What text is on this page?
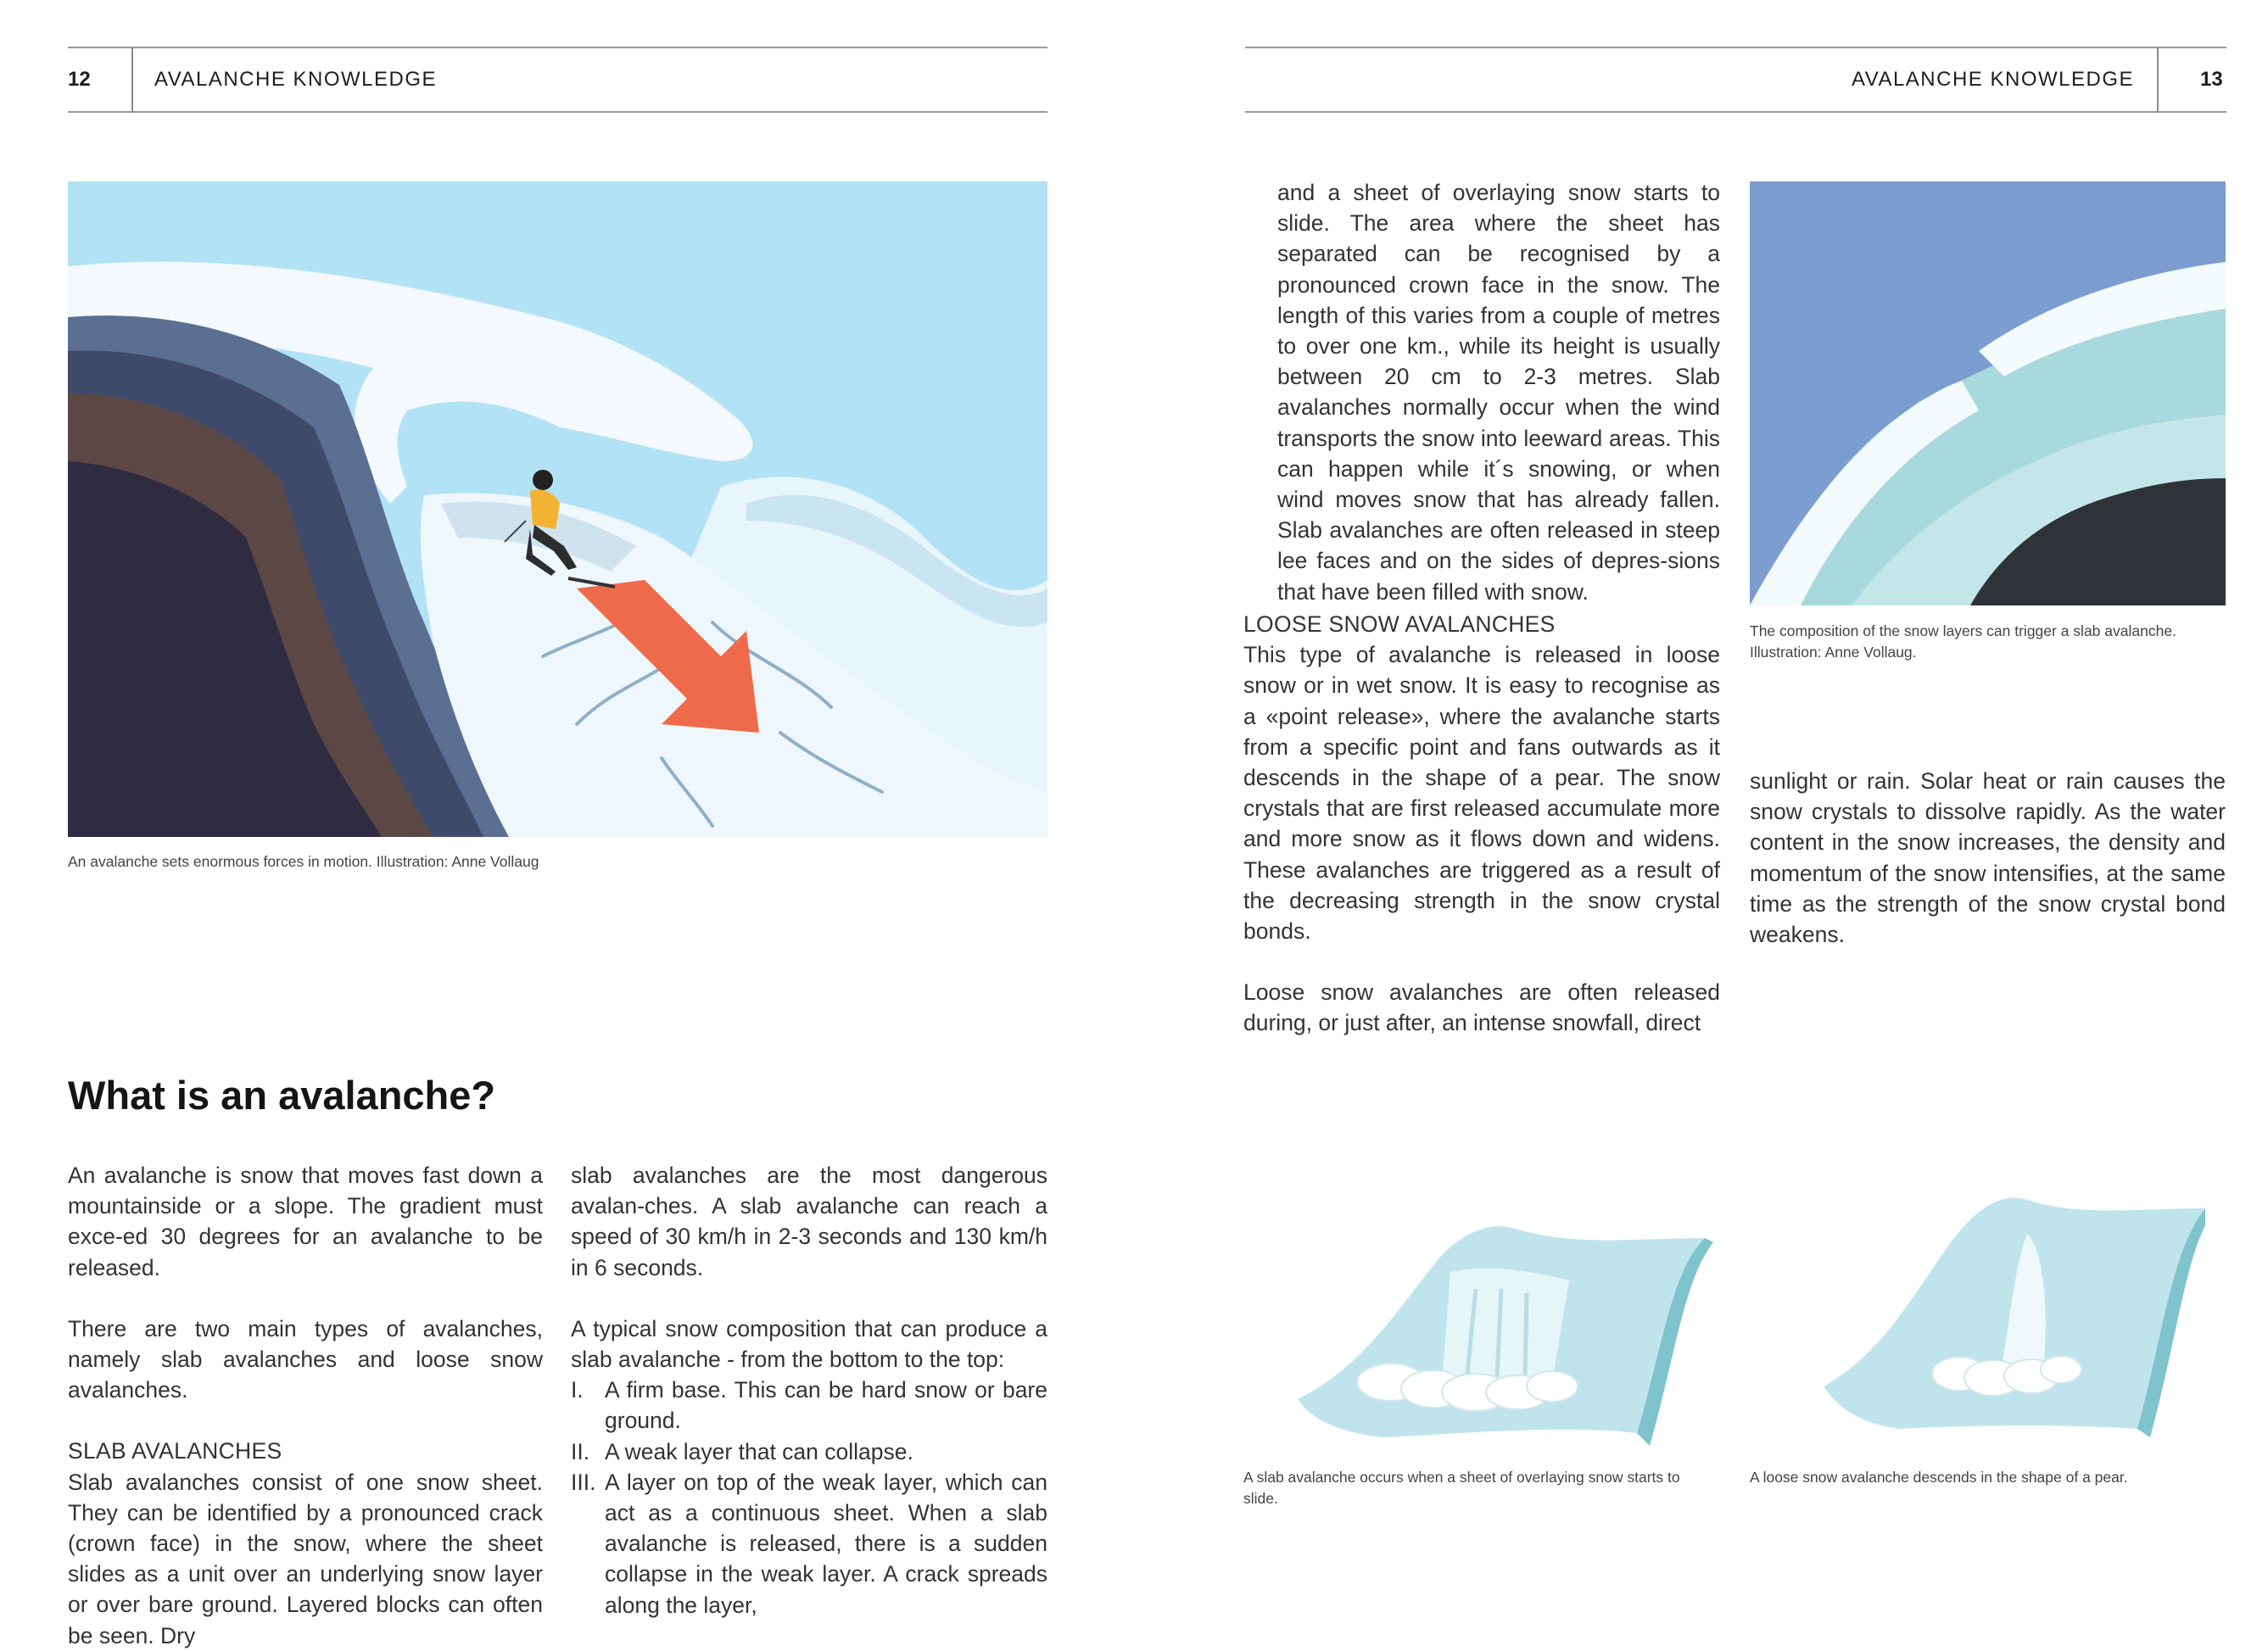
12	AVALANCHE KNOWLEDGE
An avalanche sets enormous forces in motion. Illustration: Anne Vollaug
What is an avalanche?

An avalanche is snow that moves fast down a mountainside or a slope. The gradient must exce-ed 30 degrees for an avalanche to be released.

There are two main types of avalanches, namely slab avalanches and loose snow avalanches.

SLAB AVALANCHES

Slab avalanches consist of one snow sheet. They can be identified by a pronounced crack (crown face) in the snow, where the sheet slides as a unit over an underlying snow layer or over bare ground. Layered blocks can often be seen. Dry

slab avalanches are the most dangerous avalan-ches. A slab avalanche can reach a speed of 30 km/h in 2-3 seconds and 130 km/h in 6 seconds.

A typical snow composition that can produce a slab avalanche - from the bottom to the top:

I. A firm base. This can be hard snow or bare ground.
II. A weak layer that can collapse.
III. A layer on top of the weak layer, which can act as a continuous sheet. When a slab avalanche is released, there is a sudden collapse in the weak layer. A crack spreads along the layer,
AVALANCHE KNOWLEDGE	13

and a sheet of overlaying snow starts to slide. The area where the sheet has separated can be recognised by a pronounced crown face in the snow. The length of this varies from a couple of metres to over one km., while its height is usually between 20 cm to 2-3 metres. Slab avalanches normally occur when the wind transports the snow into leeward areas. This can happen while it´s snowing, or when wind moves snow that has already fallen. Slab avalanches are often released in steep lee faces and on the sides of depres-sions that have been filled with snow.

LOOSE SNOW AVALANCHES

This type of avalanche is released in loose snow or in wet snow. It is easy to recognise as a «point release», where the avalanche starts from a specific point and fans outwards as it descends in the shape of a pear. The snow crystals that are first released accumulate more and more snow as it flows down and widens. These avalanches are triggered as a result of the decreasing strength in the snow crystal bonds.

Loose snow avalanches are often released during, or just after, an intense snowfall, direct

The composition of the snow layers can trigger a slab avalanche. Illustration: Anne Vollaug.

sunlight or rain. Solar heat or rain causes the snow crystals to dissolve rapidly. As the water content in the snow increases, the density and momentum of the snow intensifies, at the same time as the strength of the snow crystal bond weakens.

A slab avalanche occurs when a sheet of overlaying snow starts to slide.
A loose snow avalanche descends in the shape of a pear.
